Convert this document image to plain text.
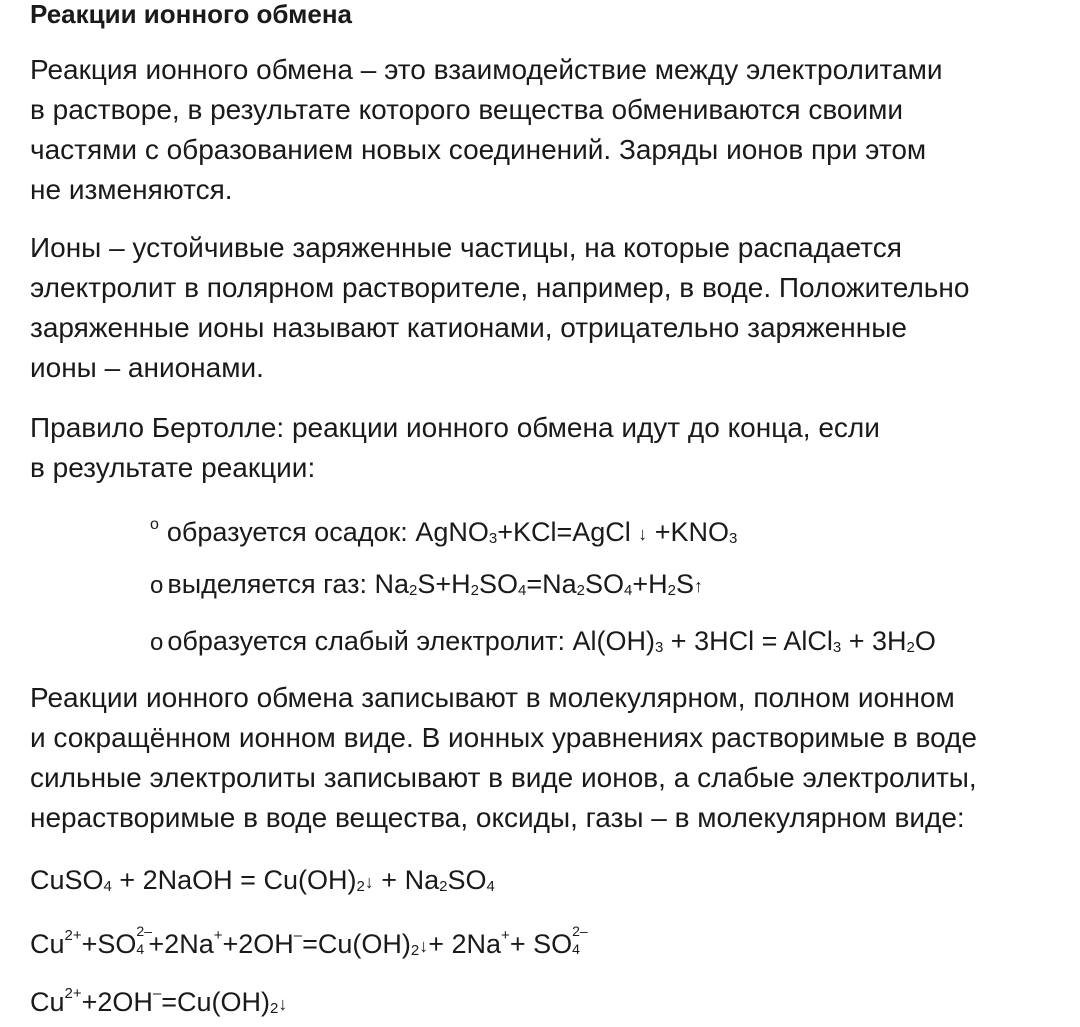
Реакции ионного обмена

Реакция ионного обмена – это взаимодействие между электролитами
в растворе, в результате которого вещества обмениваются своими
частями с образованием новых соединений. Заряды ионов при этом
не изменяются.

Ионы – устойчивые заряженные частицы, на которые распадается
электролит в полярном растворителе, например, в воде. Положительно
заряженные ионы называют катионами, отрицательно заряженные
ионы – анионами.

Правило Бертолле: реакции ионного обмена идут до конца, если
в результате реакции:

o образуется осадок: AgNO3+KCl=AgCl ↓ +KNO3
o выделяется газ: Na2S+H2SO4=Na2SO4+H2S↑
o образуется слабый электролит: Al(OH)3 + 3HCl = AlCl3 + 3H2O

Реакции ионного обмена записывают в молекулярном, полном ионном
и сокращённом ионном виде. В ионных уравнениях растворимые в воде
сильные электролиты записывают в виде ионов, а слабые электролиты,
нерастворимые в воде вещества, оксиды, газы – в молекулярном виде:

CuSO4 + 2NaOH = Cu(OH)2↓ + Na2SO4
$Cu^{2+}+SO$ 2–
4 +2Na++2OH–=Cu(OH)2↓+ 2Na++ SO 2–
4
$Cu^{2+}+2OH^-=Cu(OH)2↓$
